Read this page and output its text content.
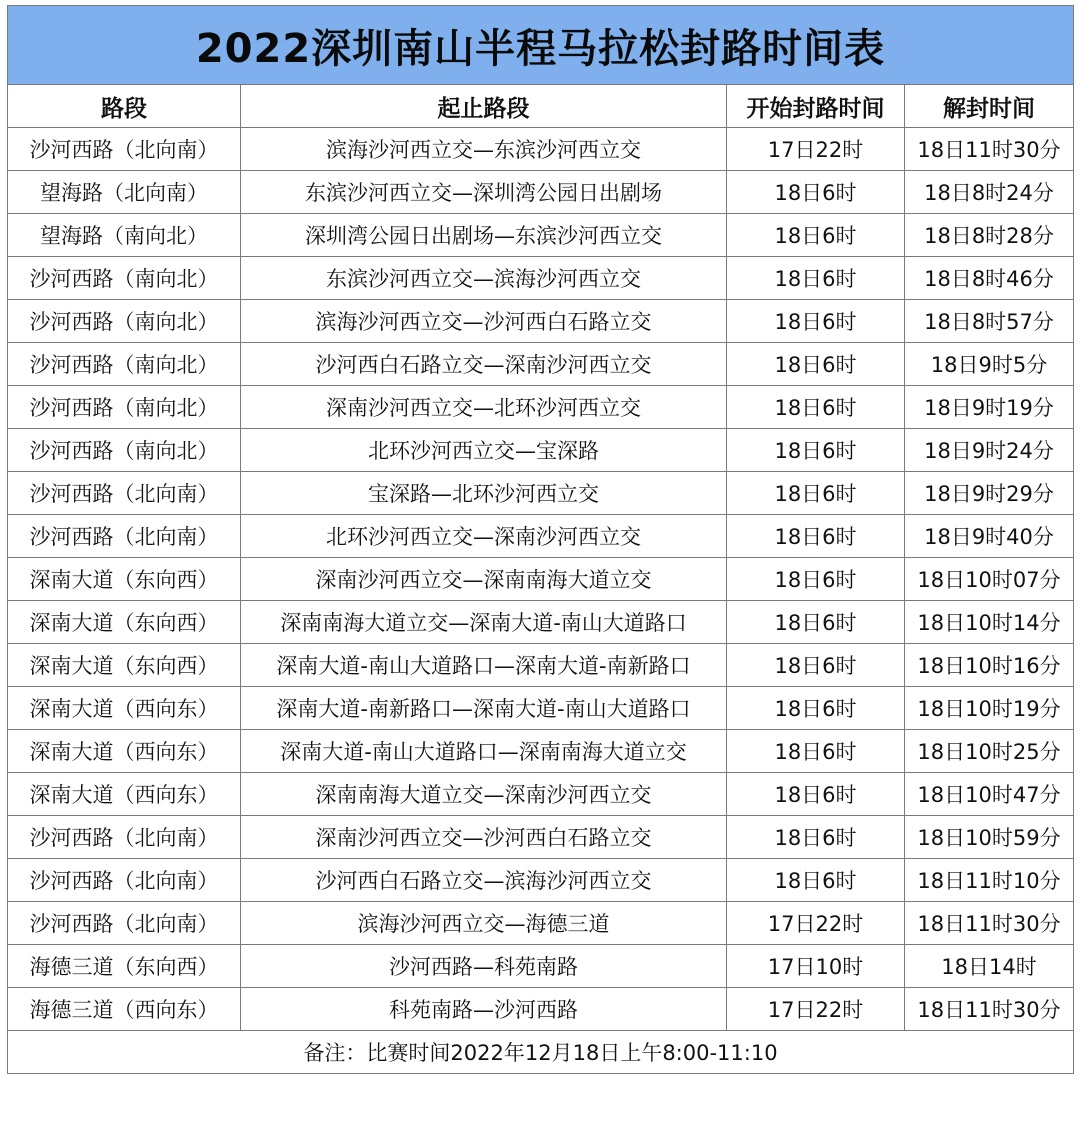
2022深圳南山半程马拉松封路时间表			
路段	起止路段	开始封路时间	解封时间
沙河西路（北向南）	滨海沙河西立交—东滨沙河西立交	17日22时	18日11时30分
望海路（北向南）	东滨沙河西立交—深圳湾公园日出剧场	18日6时	18日8时24分
望海路（南向北）	深圳湾公园日出剧场—东滨沙河西立交	18日6时	18日8时28分
沙河西路（南向北）	东滨沙河西立交—滨海沙河西立交	18日6时	18日8时46分
沙河西路（南向北）	滨海沙河西立交—沙河西白石路立交	18日6时	18日8时57分
沙河西路（南向北）	沙河西白石路立交—深南沙河西立交	18日6时	18日9时5分
沙河西路（南向北）	深南沙河西立交—北环沙河西立交	18日6时	18日9时19分
沙河西路（南向北）	北环沙河西立交—宝深路	18日6时	18日9时24分
沙河西路（北向南）	宝深路—北环沙河西立交	18日6时	18日9时29分
沙河西路（北向南）	北环沙河西立交—深南沙河西立交	18日6时	18日9时40分
深南大道（东向西）	深南沙河西立交—深南南海大道立交	18日6时	18日10时07分
深南大道（东向西）	深南南海大道立交—深南大道-南山大道路口	18日6时	18日10时14分
深南大道（东向西）	深南大道-南山大道路口—深南大道-南新路口	18日6时	18日10时16分
深南大道（西向东）	深南大道-南新路口—深南大道-南山大道路口	18日6时	18日10时19分
深南大道（西向东）	深南大道-南山大道路口—深南南海大道立交	18日6时	18日10时25分
深南大道（西向东）	深南南海大道立交—深南沙河西立交	18日6时	18日10时47分
沙河西路（北向南）	深南沙河西立交—沙河西白石路立交	18日6时	18日10时59分
沙河西路（北向南）	沙河西白石路立交—滨海沙河西立交	18日6时	18日11时10分
沙河西路（北向南）	滨海沙河西立交—海德三道	17日22时	18日11时30分
海德三道（东向西）	沙河西路—科苑南路	17日10时	18日14时
海德三道（西向东）	科苑南路—沙河西路	17日22时	18日11时30分
备注：比赛时间2022年12月18日上午8:00-11:10			
